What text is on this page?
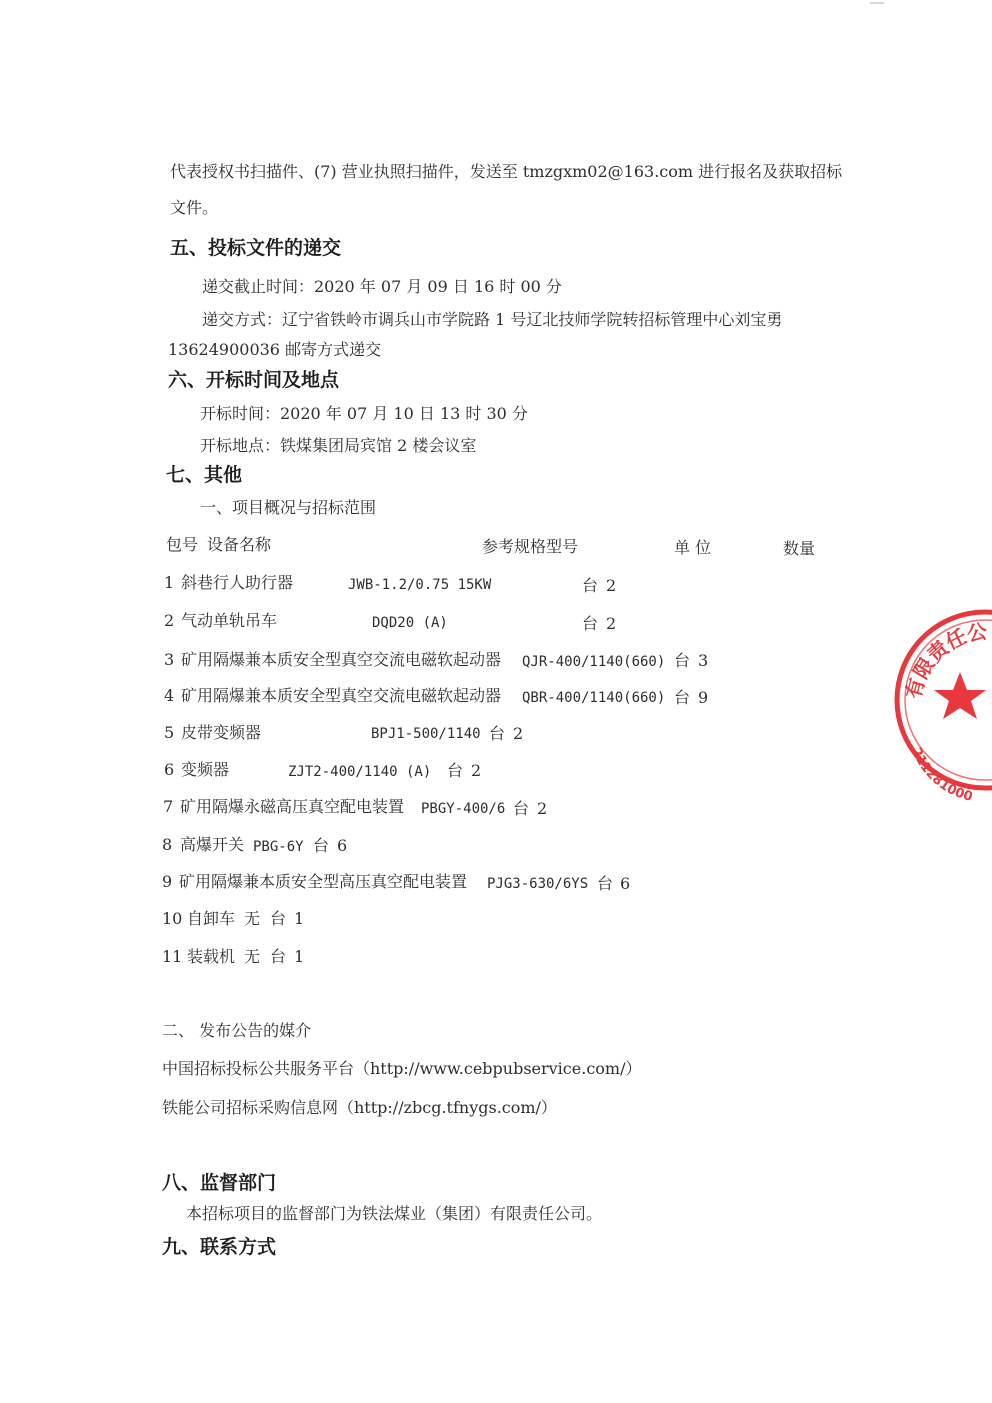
代表授权书扫描件、(7) 营业执照扫描件，发送至 tmzgxm02@163.com 进行报名及获取招标
文件。
五、投标文件的递交
递交截止时间：2020 年 07 月 09 日 16 时 00 分
递交方式：辽宁省铁岭市调兵山市学院路 1 号辽北技师学院转招标管理中心刘宝勇
13624900036 邮寄方式递交
六、开标时间及地点
开标时间：2020 年 07 月 10 日 13 时 30 分
开标地点：铁煤集团局宾馆 2 楼会议室
七、其他
一、项目概况与招标范围
包号 设备名称	参考规格型号	单 位	数量
1 斜巷行人助行器	JWB-1.2/0.75 15KW	台 2
2 气动单轨吊车	DQD20 (A)	台 2
3 矿用隔爆兼本质安全型真空交流电磁软起动器 QJR-400/1140(660) 台 3
4 矿用隔爆兼本质安全型真空交流电磁软起动器 QBR-400/1140(660) 台 9
5 皮带变频器	BPJ1-500/1140 台 2
6 变频器	ZJT2-400/1140 (A) 台 2
7 矿用隔爆永磁高压真空配电装置 PBGY-400/6 台 2
8 高爆开关 PBG-6Y 台 6
9 矿用隔爆兼本质安全型高压真空配电装置 PJG3-630/6YS 台 6
10 自卸车 无 台 1
11 装载机 无 台 1
二、 发布公告的媒介
中国招标投标公共服务平台（http://www.cebpubservice.com/）
铁能公司招标采购信息网（http://zbcg.tfnygs.com/）
八、监督部门
本招标项目的监督部门为铁法煤业（集团）有限责任公司。
九、联系方式
有限责任公
211281000
